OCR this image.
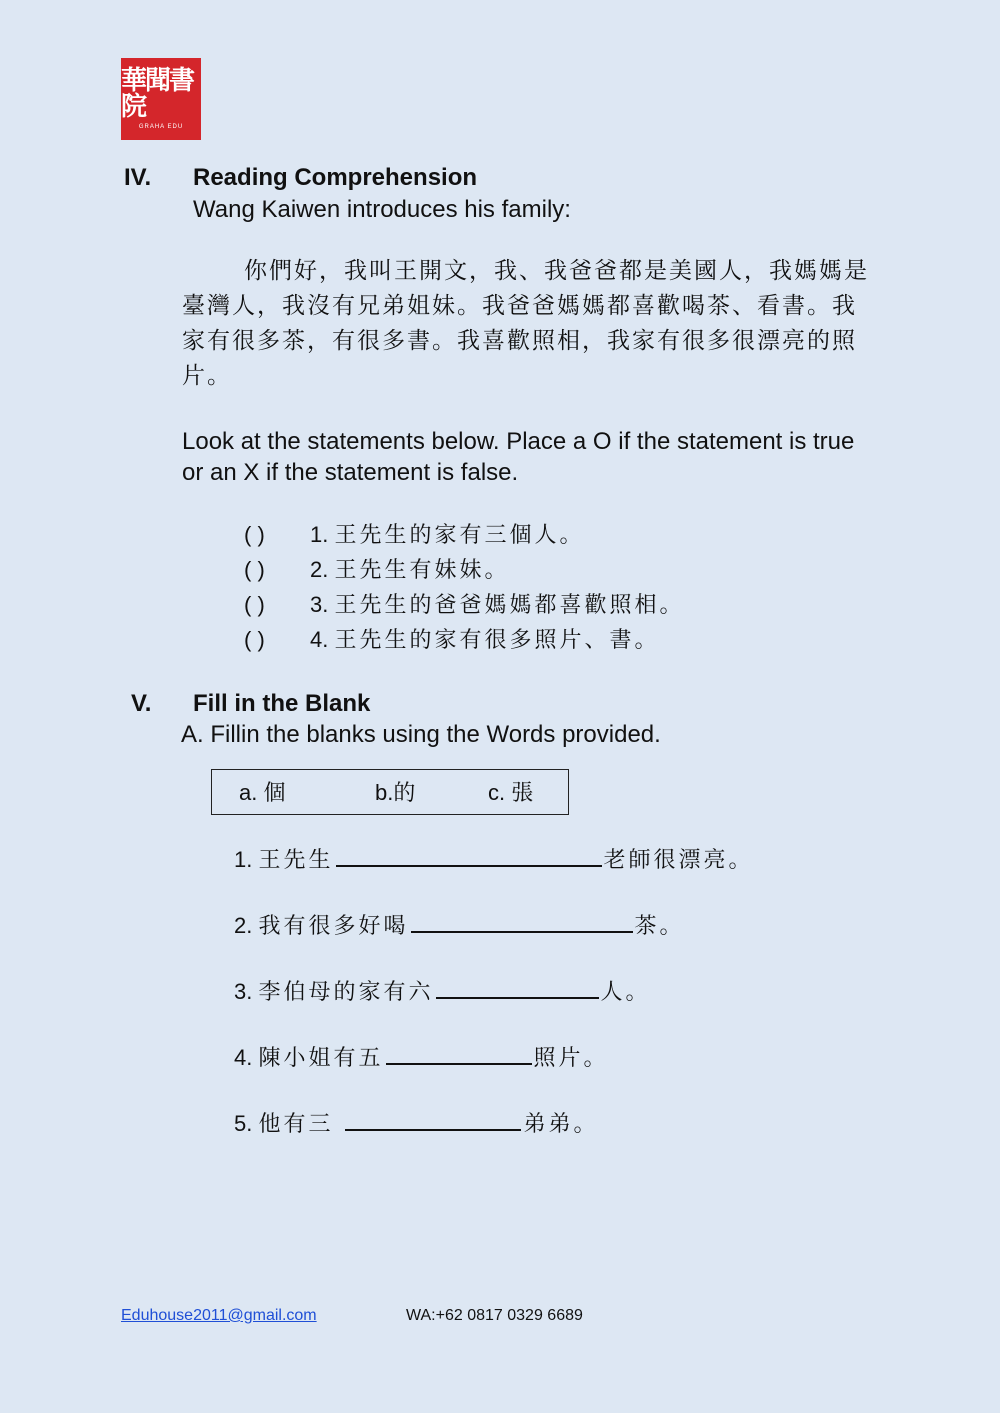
華聞書院
GRAHA EDU
IV. Reading Comprehension
Wang Kaiwen introduces his family:
你們好，我叫王開文，我、我爸爸都是美國人，我媽媽是臺灣人，我沒有兄弟姐妹。我爸爸媽媽都喜歡喝茶、看書。我家有很多茶，有很多書。我喜歡照相，我家有很多很漂亮的照片。
Look at the statements below. Place a O if the statement is true or an X if the statement is false.
( ) 1. 王先生的家有三個人。
( ) 2. 王先生有妹妹。
( ) 3. 王先生的爸爸媽媽都喜歡照相。
( ) 4. 王先生的家有很多照片、書。
V. Fill in the Blank
A. Fillin the blanks using the Words provided.
a. 個	b.的	c. 張
1. 王先生	老師很漂亮。
2. 我有很多好喝	茶。
3. 李伯母的家有六	人。
4. 陳小姐有五	照片。
5. 他有三	弟弟。
Eduhouse2011@gmail.com	WA:+62 0817 0329 6689
